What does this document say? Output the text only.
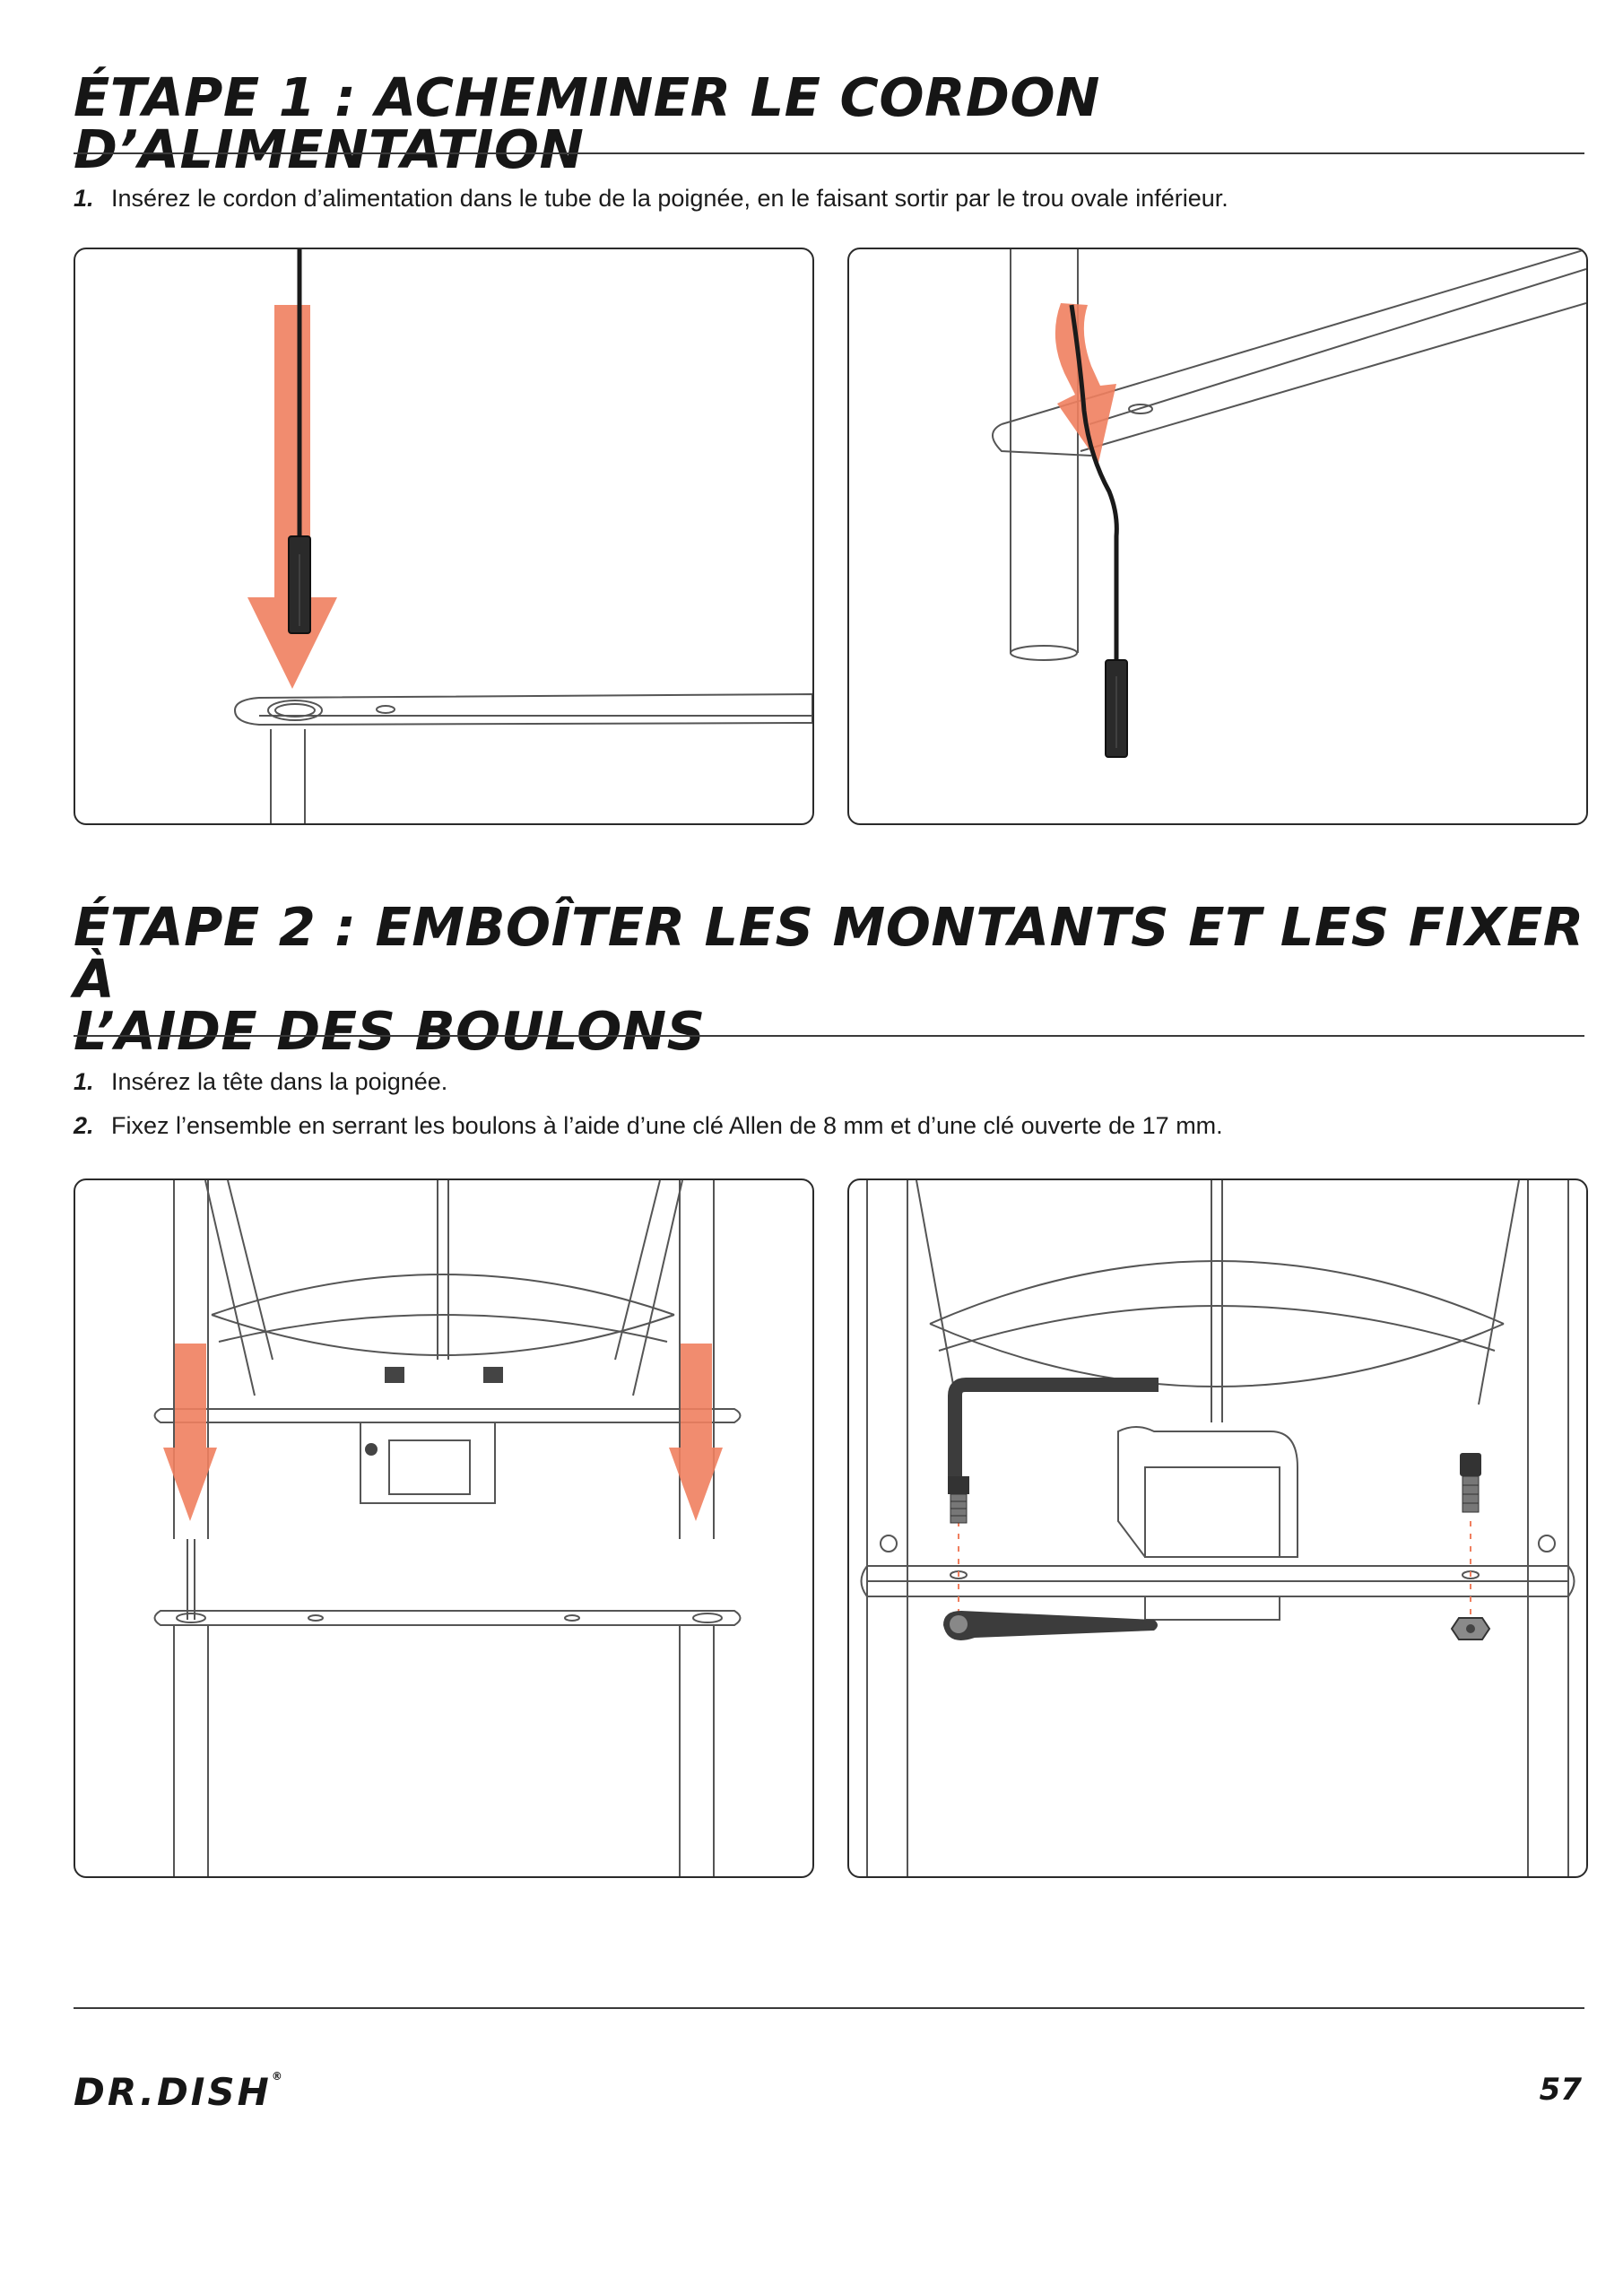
ÉTAPE 1 : ACHEMINER LE CORDON D’ALIMENTATION
1. Insérez le cordon d’alimentation dans le tube de la poignée, en le faisant sortir par le trou ovale inférieur.
ÉTAPE 2 : EMBOÎTER LES MONTANTS ET LES FIXER À
L’AIDE DES BOULONS
1. Insérez la tête dans la poignée.
2. Fixez l’ensemble en serrant les boulons à l’aide d’une clé Allen de 8 mm et d’une clé ouverte de 17 mm.
DR.DISH®	57
